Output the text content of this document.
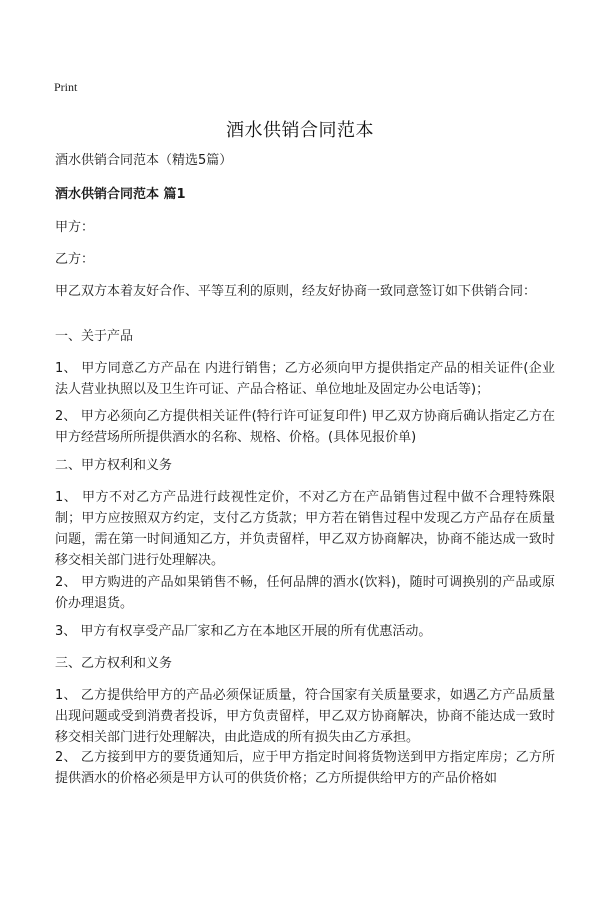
Print
酒水供销合同范本

酒水供销合同范本（精选5篇）

酒水供销合同范本 篇1

甲方：

乙方：

甲乙双方本着友好合作、平等互利的原则，经友好协商一致同意签订如下供销合同：

一、关于产品

1、 甲方同意乙方产品在 内进行销售；乙方必须向甲方提供指定产品的相关证件(企业法人营业执照以及卫生许可证、产品合格证、单位地址及固定办公电话等)；

2、 甲方必须向乙方提供相关证件(特行许可证复印件) 甲乙双方协商后确认指定乙方在甲方经营场所所提供酒水的名称、规格、价格。(具体见报价单)

二、甲方权利和义务

1、 甲方不对乙方产品进行歧视性定价，不对乙方在产品销售过程中做不合理特殊限制；甲方应按照双方约定，支付乙方货款；甲方若在销售过程中发现乙方产品存在质量问题，需在第一时间通知乙方，并负责留样，甲乙双方协商解决，协商不能达成一致时移交相关部门进行处理解决。

2、 甲方购进的产品如果销售不畅，任何品牌的酒水(饮料)，随时可调换别的产品或原价办理退货。

3、 甲方有权享受产品厂家和乙方在本地区开展的所有优惠活动。

三、乙方权利和义务

1、 乙方提供给甲方的产品必须保证质量，符合国家有关质量要求，如遇乙方产品质量出现问题或受到消费者投诉，甲方负责留样，甲乙双方协商解决，协商不能达成一致时移交相关部门进行处理解决，由此造成的所有损失由乙方承担。

2、 乙方接到甲方的要货通知后，应于甲方指定时间将货物送到甲方指定库房；乙方所提供酒水的价格必须是甲方认可的供货价格；乙方所提供给甲方的产品价格如
